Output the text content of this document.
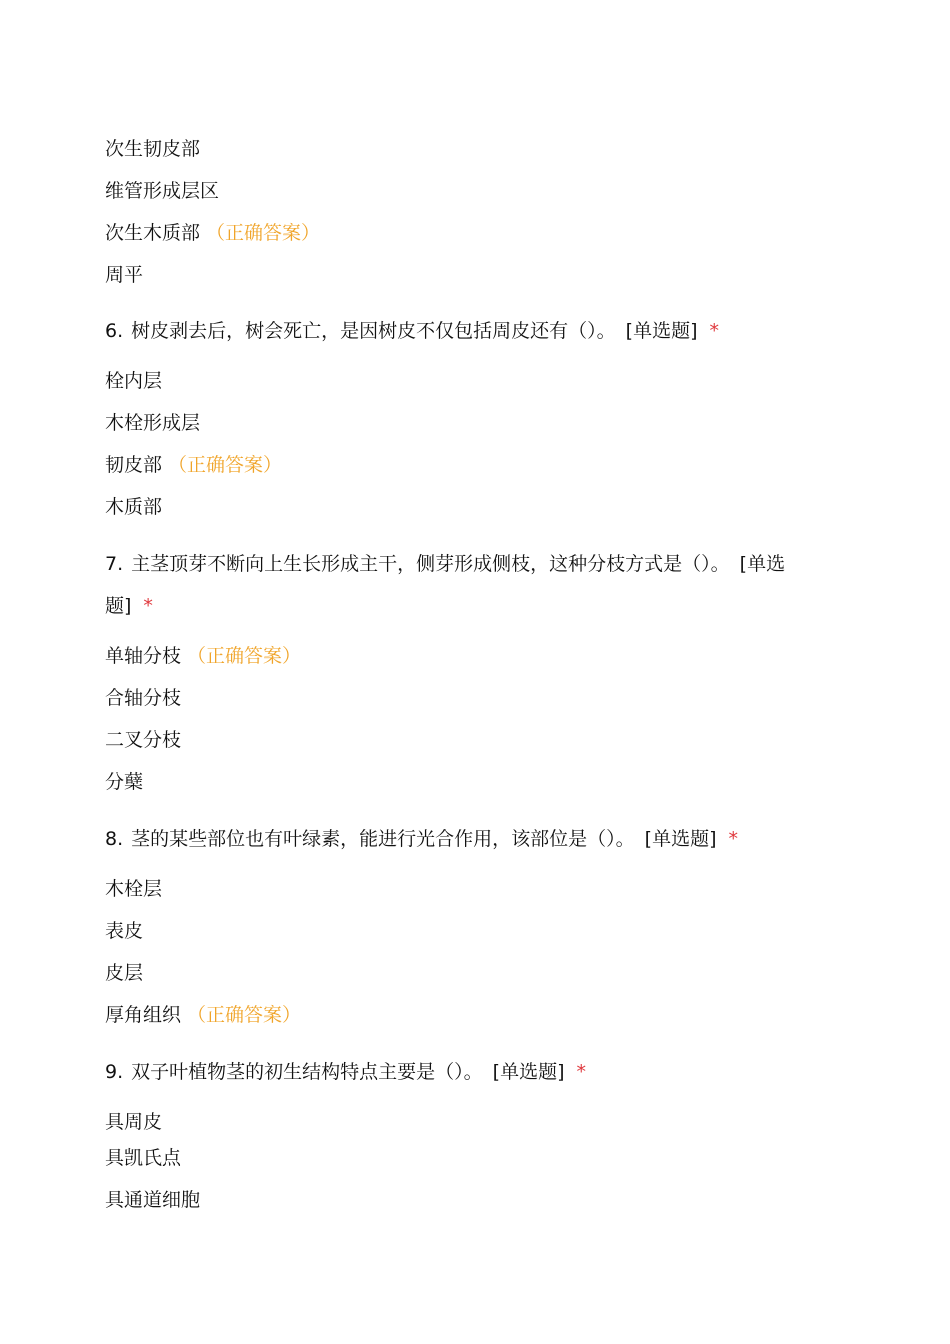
次生韧皮部
维管形成层区
次生木质部 （正确答案）
周平
6. 树皮剥去后，树会死亡，是因树皮不仅包括周皮还有（）。 [单选题] *
栓内层
木栓形成层
韧皮部 （正确答案）
木质部
7. 主茎顶芽不断向上生长形成主干，侧芽形成侧枝，这种分枝方式是（）。 [单选题] *
单轴分枝 （正确答案）
合轴分枝
二叉分枝
分蘖
8. 茎的某些部位也有叶绿素，能进行光合作用，该部位是（）。 [单选题] *
木栓层
表皮
皮层
厚角组织 （正确答案）
9. 双子叶植物茎的初生结构特点主要是（）。 [单选题] *
具周皮
具凯氏点
具通道细胞
